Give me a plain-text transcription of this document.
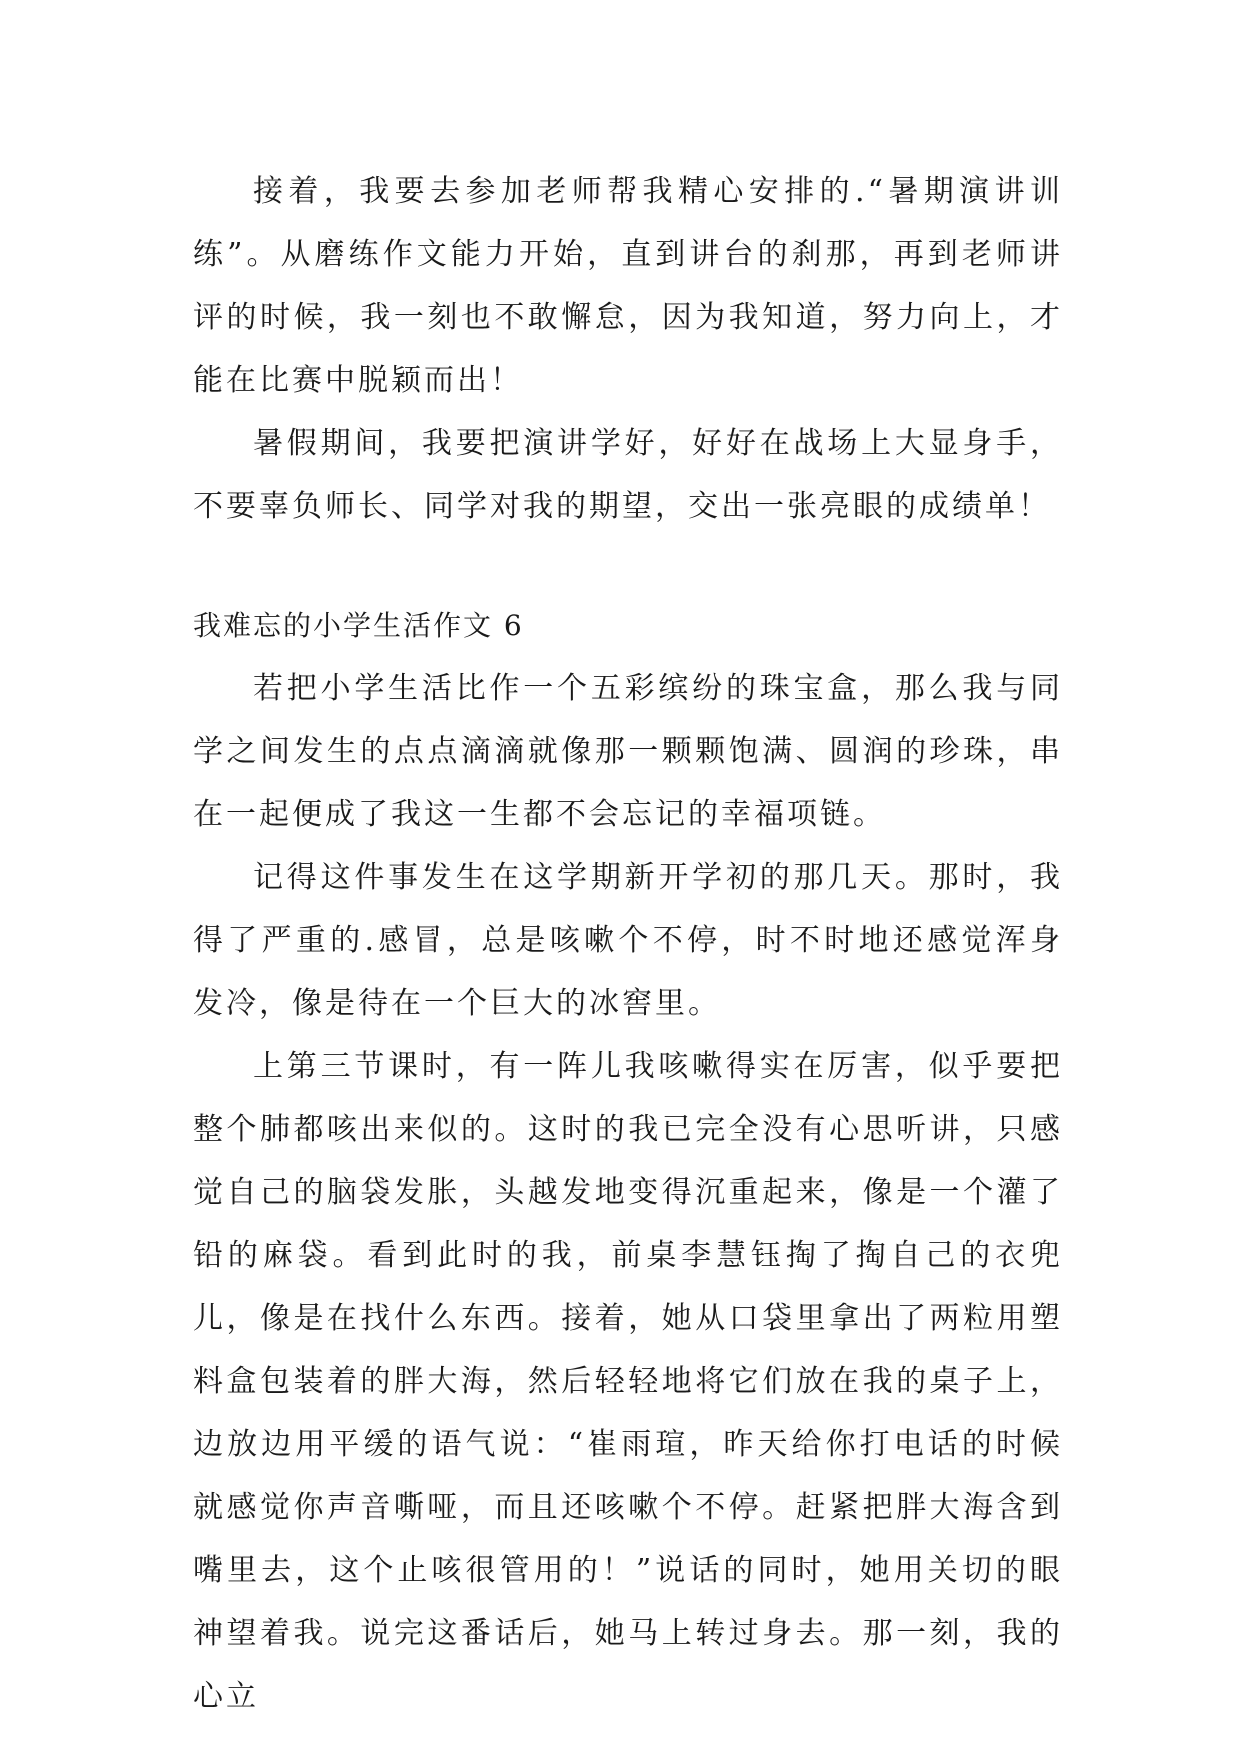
接着，我要去参加老师帮我精心安排的.“暑期演讲训练”。从磨练作文能力开始，直到讲台的刹那，再到老师讲评的时候，我一刻也不敢懈怠，因为我知道，努力向上，才能在比赛中脱颖而出！

暑假期间，我要把演讲学好，好好在战场上大显身手，不要辜负师长、同学对我的期望，交出一张亮眼的成绩单！

我难忘的小学生活作文 6

若把小学生活比作一个五彩缤纷的珠宝盒，那么我与同学之间发生的点点滴滴就像那一颗颗饱满、圆润的珍珠，串在一起便成了我这一生都不会忘记的幸福项链。

记得这件事发生在这学期新开学初的那几天。那时，我得了严重的.感冒，总是咳嗽个不停，时不时地还感觉浑身发冷，像是待在一个巨大的冰窖里。

上第三节课时，有一阵儿我咳嗽得实在厉害，似乎要把整个肺都咳出来似的。这时的我已完全没有心思听讲，只感觉自己的脑袋发胀，头越发地变得沉重起来，像是一个灌了铅的麻袋。看到此时的我，前桌李慧钰掏了掏自己的衣兜儿，像是在找什么东西。接着，她从口袋里拿出了两粒用塑料盒包装着的胖大海，然后轻轻地将它们放在我的桌子上，边放边用平缓的语气说：“崔雨瑄，昨天给你打电话的时候就感觉你声音嘶哑，而且还咳嗽个不停。赶紧把胖大海含到嘴里去，这个止咳很管用的！”说话的同时，她用关切的眼神望着我。说完这番话后，她马上转过身去。那一刻，我的心立
